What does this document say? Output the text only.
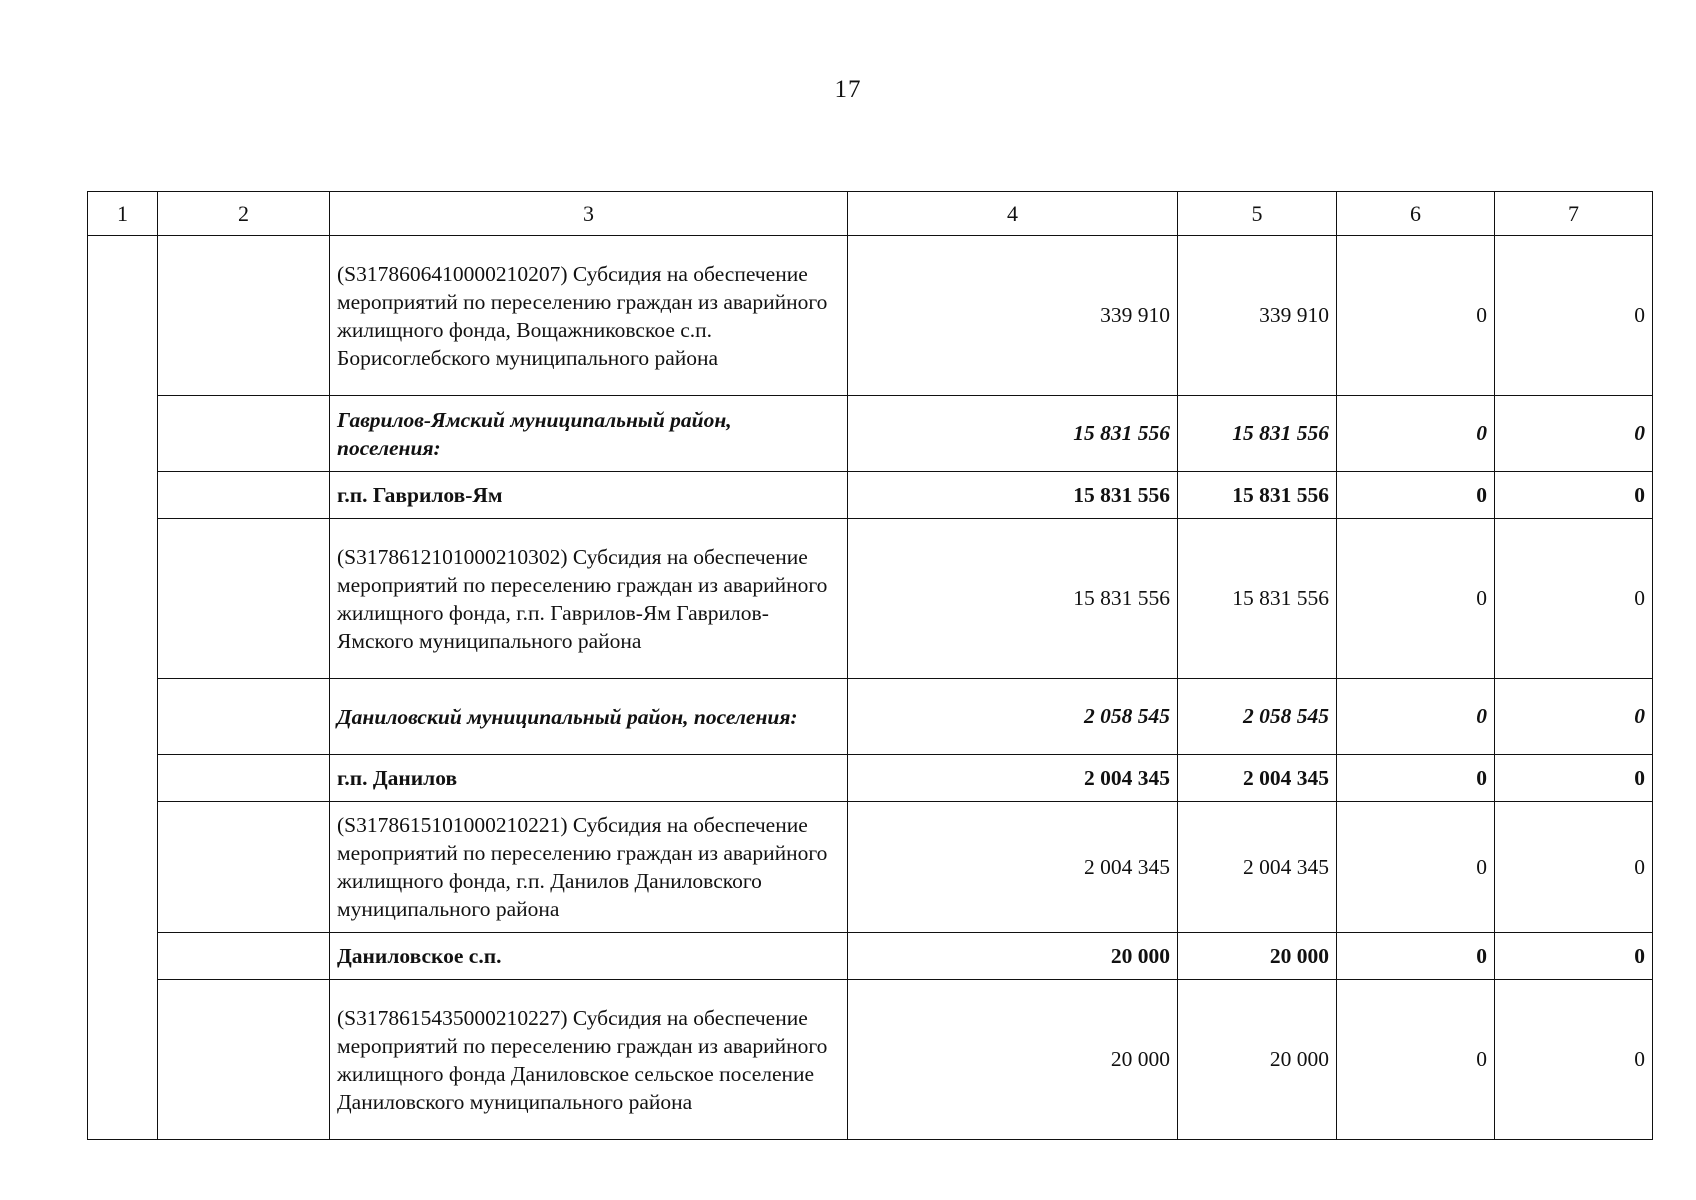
17
1	2	3	4	5	6	7
		(S3178606410000210207) Субсидия на обеспечение мероприятий по переселению граждан из аварийного жилищного фонда, Вощажниковское с.п. Борисоглебского муниципального района	339 910	339 910	0	0
		Гаврилов-Ямский муниципальный район, поселения:	15 831 556	15 831 556	0	0
		г.п. Гаврилов-Ям	15 831 556	15 831 556	0	0
		(S3178612101000210302) Субсидия на обеспечение мероприятий по переселению граждан из аварийного жилищного фонда, г.п. Гаврилов-Ям Гаврилов-Ямского муниципального района	15 831 556	15 831 556	0	0
		Даниловский муниципальный район, поселения:	2 058 545	2 058 545	0	0
		г.п. Данилов	2 004 345	2 004 345	0	0
		(S3178615101000210221) Субсидия на обеспечение мероприятий по переселению граждан из аварийного жилищного фонда, г.п. Данилов Даниловского муниципального района	2 004 345	2 004 345	0	0
		Даниловское с.п.	20 000	20 000	0	0
		(S3178615435000210227) Субсидия на обеспечение мероприятий по переселению граждан из аварийного жилищного фонда Даниловское сельское поселение Даниловского муниципального района	20 000	20 000	0	0
